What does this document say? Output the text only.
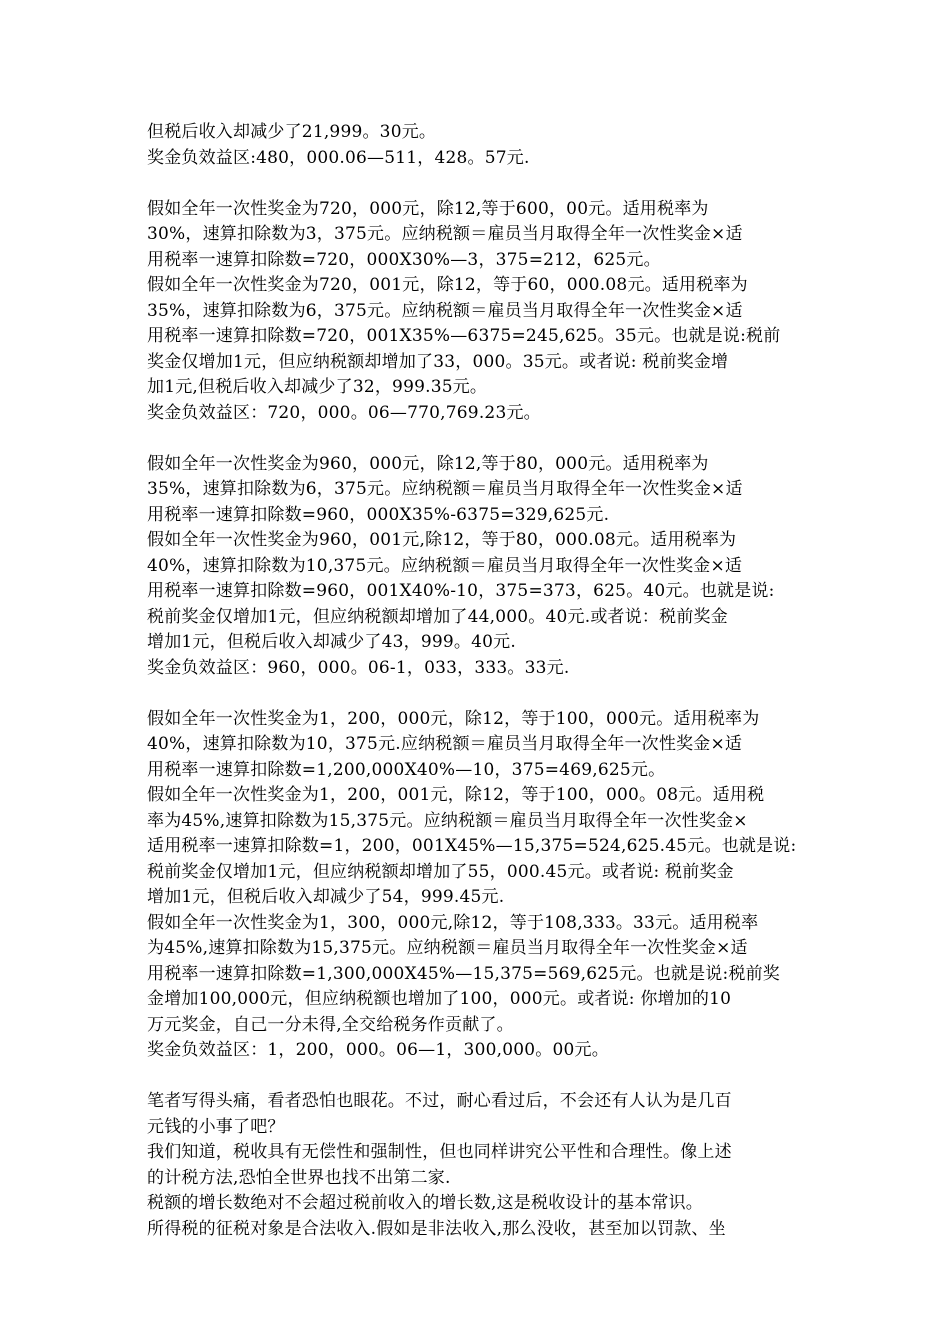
但税后收入却减少了21,999。30元。
奖金负效益区:480，000.06—511，428。57元.
假如全年一次性奖金为720，000元，除12,等于600，00元。适用税率为
30%，速算扣除数为3，375元。应纳税额＝雇员当月取得全年一次性奖金×适
用税率一速算扣除数=720，000X30%—3，375=212，625元。
假如全年一次性奖金为720，001元，除12，等于60，000.08元。适用税率为
35%，速算扣除数为6，375元。应纳税额＝雇员当月取得全年一次性奖金×适
用税率一速算扣除数=720，001X35%—6375=245,625。35元。也就是说:税前
奖金仅增加1元，但应纳税额却增加了33，000。35元。或者说: 税前奖金增
加1元,但税后收入却减少了32，999.35元。
奖金负效益区：720，000。06—770,769.23元。
假如全年一次性奖金为960，000元，除12,等于80，000元。适用税率为
35%，速算扣除数为6，375元。应纳税额＝雇员当月取得全年一次性奖金×适
用税率一速算扣除数=960，000X35%-6375=329,625元.
假如全年一次性奖金为960，001元,除12，等于80，000.08元。适用税率为
40%，速算扣除数为10,375元。应纳税额＝雇员当月取得全年一次性奖金×适
用税率一速算扣除数=960，001X40%-10，375=373，625。40元。也就是说:
税前奖金仅增加1元，但应纳税额却增加了44,000。40元.或者说：税前奖金
增加1元，但税后收入却减少了43，999。40元.
奖金负效益区：960，000。06-1，033，333。33元.
假如全年一次性奖金为1，200，000元，除12，等于100，000元。适用税率为
40%，速算扣除数为10，375元.应纳税额＝雇员当月取得全年一次性奖金×适
用税率一速算扣除数=1,200,000X40%—10，375=469,625元。
假如全年一次性奖金为1，200，001元，除12，等于100，000。08元。适用税
率为45%,速算扣除数为15,375元。应纳税额＝雇员当月取得全年一次性奖金×
适用税率一速算扣除数=1，200，001X45%—15,375=524,625.45元。也就是说:
税前奖金仅增加1元，但应纳税额却增加了55，000.45元。或者说: 税前奖金
增加1元，但税后收入却减少了54，999.45元.
假如全年一次性奖金为1，300，000元,除12，等于108,333。33元。适用税率
为45%,速算扣除数为15,375元。应纳税额＝雇员当月取得全年一次性奖金×适
用税率一速算扣除数=1,300,000X45%—15,375=569,625元。也就是说:税前奖
金增加100,000元，但应纳税额也增加了100，000元。或者说: 你增加的10
万元奖金，自己一分未得,全交给税务作贡献了。
奖金负效益区：1，200，000。06—1，300,000。00元。
笔者写得头痛，看者恐怕也眼花。不过，耐心看过后，不会还有人认为是几百
元钱的小事了吧？
我们知道，税收具有无偿性和强制性，但也同样讲究公平性和合理性。像上述
的计税方法,恐怕全世界也找不出第二家.
税额的增长数绝对不会超过税前收入的增长数,这是税收设计的基本常识。
所得税的征税对象是合法收入.假如是非法收入,那么没收，甚至加以罚款、坐
